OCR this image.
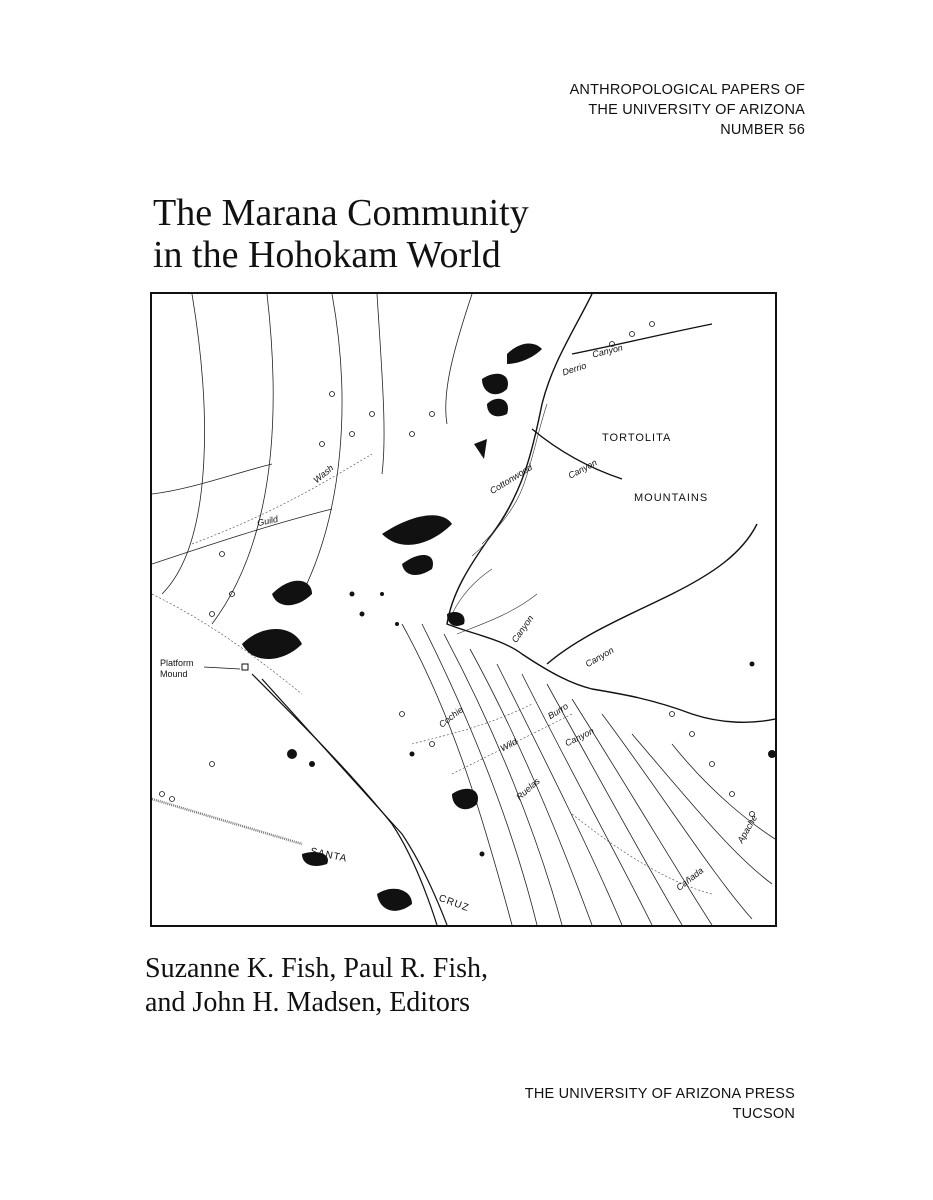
ANTHROPOLOGICAL PAPERS OF
THE UNIVERSITY OF ARIZONA
NUMBER 56
The Marana Community
in the Hohokam World
TORTOLITA
MOUNTAINS
Platform
Mound
Derrio
Canyon
Wash
Guild
Cottonwood	Canyon
Canyon
Canyon
Cochie	Burro
Wild	Canyon
Ruelas
SANTA
CRUZ
Apache
Cañada
Suzanne K. Fish, Paul R. Fish,
and John H. Madsen, Editors
THE UNIVERSITY OF ARIZONA PRESS
TUCSON
